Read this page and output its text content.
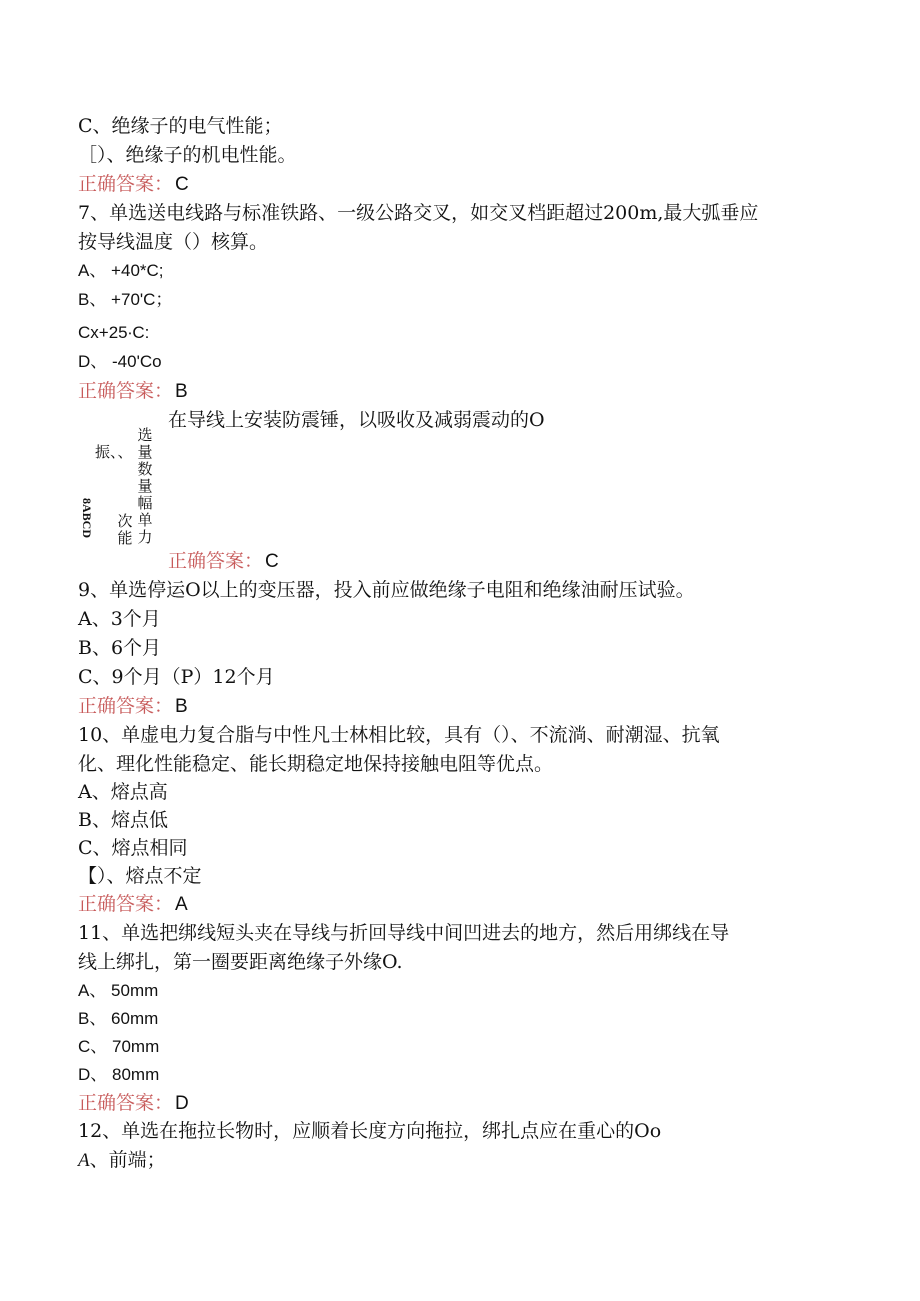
C、绝缘子的电气性能；
［）、绝缘子的机电性能。
正确答案： C
7、单选送电线路与标准铁路、一级公路交叉，如交叉档距超过200m,最大弧垂应
按导线温度（）核算。
A、 +40*C;
B、 +70'C；
Cx+25∙C:
D、 -40'Co
正确答案： B
在导线上安装防震锤，以吸收及减弱震动的O
选量数量幅单力
次能
振、、
8ABCD
正确答案： C
9、单选停运O以上的变压器，投入前应做绝缘子电阻和绝缘油耐压试验。
A、3个月
B、6个月
C、9个月（P）12个月
正确答案： B
10、单虚电力复合脂与中性凡士林相比较，具有（）、不流淌、耐潮湿、抗氧
化、理化性能稳定、能长期稳定地保持接触电阻等优点。
A、熔点高
B、熔点低
C、熔点相同
【）、熔点不定
正确答案： A
11、单选把绑线短头夹在导线与折回导线中间凹进去的地方，然后用绑线在导
线上绑扎，第一圈要距离绝缘子外缘O.
A、 50mm
B、 60mm
C、 70mm
D、 80mm
正确答案： D
12、单选在拖拉长物时，应顺着长度方向拖拉，绑扎点应在重心的Oo
A、前端；
